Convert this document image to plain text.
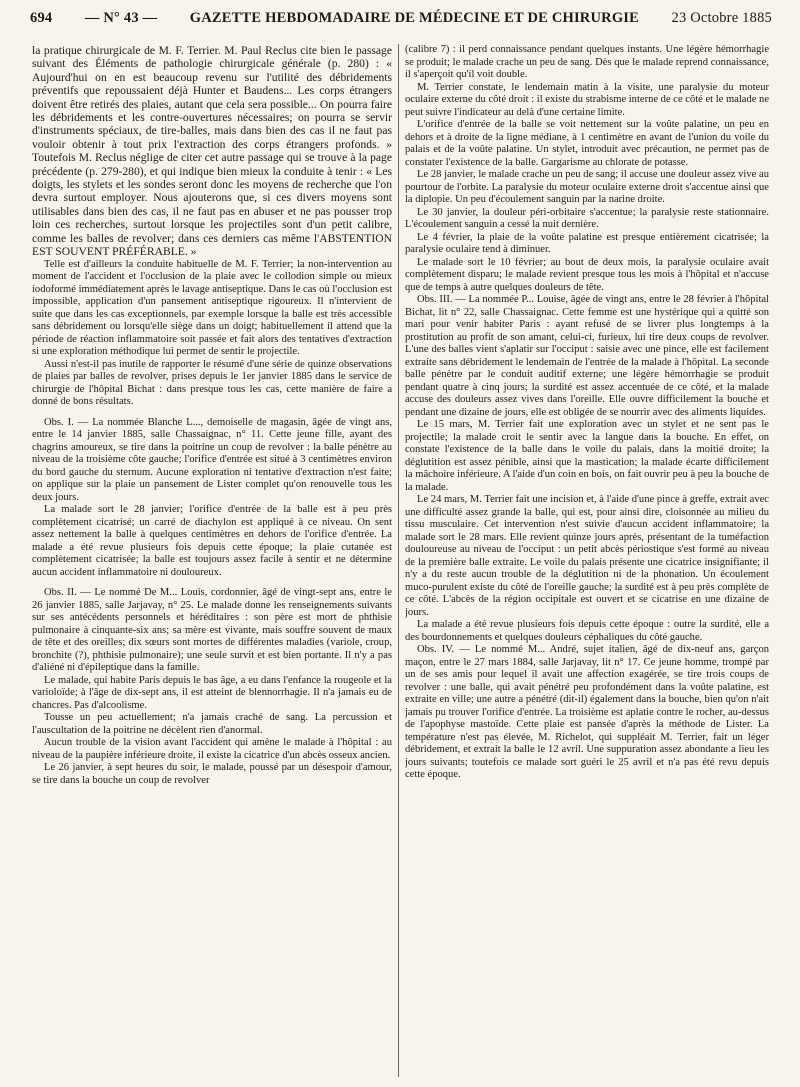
694 — N° 43 — GAZETTE HEBDOMADAIRE DE MÉDECINE ET DE CHIRURGIE 23 Octobre 1885

la pratique chirurgicale de M. F. Terrier. M. Paul Reclus cite bien le passage suivant des Éléments de pathologie chirurgicale générale (p. 280) : « Aujourd'hui on en est beaucoup revenu sur l'utilité des débridements préventifs que repoussaient déjà Hunter et Baudens... Les corps étrangers doivent être retirés des plaies, autant que cela sera possible... On pourra faire les débridements et les contre-ouvertures nécessaires; on pourra se servir d'instruments spéciaux, de tire-balles, mais dans bien des cas il ne faut pas vouloir obtenir à tout prix l'extraction des corps étrangers profonds. » Toutefois M. Reclus néglige de citer cet autre passage qui se trouve à la page précédente (p. 279-280), et qui indique bien mieux la conduite à tenir : « Les doigts, les stylets et les sondes seront donc les moyens de recherche que l'on devra surtout employer. Nous ajouterons que, si ces divers moyens sont utilisables dans bien des cas, il ne faut pas en abuser et ne pas pousser trop loin ces recherches, surtout lorsque les projectiles sont d'un petit calibre, comme les balles de revolver; dans ces derniers cas même l'ABSTENTION EST SOUVENT PRÉFÉRABLE. »

Telle est d'ailleurs la conduite habituelle de M. F. Terrier; la non-intervention au moment de l'accident et l'occlusion de la plaie avec le collodion simple ou mieux iodoformé immédiatement après le lavage antiseptique. Dans le cas où l'occlusion est impossible, application d'un pansement antiseptique rigoureux. Il n'intervient de suite que dans les cas exceptionnels, par exemple lorsque la balle est très accessible sans débridement ou lorsqu'elle siège dans un doigt; habituellement il attend que la période de réaction inflammatoire soit passée et fait alors des tentatives d'extraction si une exploration méthodique lui permet de sentir le projectile.

Aussi n'est-il pas inutile de rapporter le résumé d'une série de quinze observations de plaies par balles de revolver, prises depuis le 1er janvier 1885 dans le service de chirurgie de l'hôpital Bichat : dans presque tous les cas, cette manière de faire a donné de bons résultats.

Obs. I. — La nommée Blanche L..., demoiselle de magasin, âgée de vingt ans, entre le 14 janvier 1885, salle Chassaignac, n° 11. Cette jeune fille, ayant des chagrins amoureux, se tire dans la poitrine un coup de revolver : la balle pénètre au niveau de la troisième côte gauche; l'orifice d'entrée est situé à 3 centimètres environ du bord gauche du sternum. Aucune exploration ni tentative d'extraction n'est faite; on applique sur la plaie un pansement de Lister complet qu'on renouvelle tous les deux jours.

La malade sort le 28 janvier; l'orifice d'entrée de la balle est à peu près complètement cicatrisé; un carré de diachylon est appliqué à ce niveau. On sent assez nettement la balle à quelques centimètres en dehors de l'orifice d'entrée. La malade a été revue plusieurs fois depuis cette époque; la plaie cutanée est complètement cicatrisée; la balle est toujours assez facile à sentir et ne détermine aucun accident inflammatoire ni douloureux.

Obs. II. — Le nommé De M... Louis, cordonnier, âgé de vingt-sept ans, entre le 26 janvier 1885, salle Jarjavay, n° 25. Le malade donne les renseignements suivants sur ses antécédents personnels et héréditaires : son père est mort de phthisie pulmonaire à cinquante-six ans; sa mère est vivante, mais souffre souvent de maux de tête et des oreilles; dix sœurs sont mortes de différentes maladies (variole, croup, bronchite (?), phthisie pulmonaire); une seule survit et est bien portante. Il n'y a pas d'aliéné ni d'épileptique dans la famille.

Le malade, qui habite Paris depuis le bas âge, a eu dans l'enfance la rougeole et la varioloïde; à l'âge de dix-sept ans, il est atteint de blennorrhagie. Il n'a jamais eu de chancres. Pas d'alcoolisme.

Tousse un peu actuellement; n'a jamais craché de sang. La percussion et l'auscultation de la poitrine ne décèlent rien d'anormal.

Aucun trouble de la vision avant l'accident qui amène le malade à l'hôpital : au niveau de la paupière inférieure droite, il existe la cicatrice d'un abcès osseux ancien.

Le 26 janvier, à sept heures du soir, le malade, poussé par un désespoir d'amour, se tire dans la bouche un coup de revolver

(calibre 7) : il perd connaissance pendant quelques instants. Une légère hémorrhagie se produit; le malade crache un peu de sang. Dès que le malade reprend connaissance, il s'aperçoit qu'il voit double.

M. Terrier constate, le lendemain matin à la visite, une paralysie du moteur oculaire externe du côté droit : il existe du strabisme interne de ce côté et le malade ne peut suivre l'indicateur au delà d'une certaine limite.

L'orifice d'entrée de la balle se voit nettement sur la voûte palatine, un peu en dehors et à droite de la ligne médiane, à 1 centimètre en avant de l'union du voile du palais et de la voûte palatine. Un stylet, introduit avec précaution, ne permet pas de constater l'existence de la balle. Gargarisme au chlorate de potasse.

Le 28 janvier, le malade crache un peu de sang; il accuse une douleur assez vive au pourtour de l'orbite. La paralysie du moteur oculaire externe droit s'accentue ainsi que la diplopie. Un peu d'écoulement sanguin par la narine droite.

Le 30 janvier, la douleur péri-orbitaire s'accentue; la paralysie reste stationnaire. L'écoulement sanguin a cessé la nuit dernière.

Le 4 février, la plaie de la voûte palatine est presque entièrement cicatrisée; la paralysie oculaire tend à diminuer.

Le malade sort le 10 février; au bout de deux mois, la paralysie oculaire avait complètement disparu; le malade revient presque tous les mois à l'hôpital et n'accuse que de temps à autre quelques douleurs de tête.

Obs. III. — La nommée P... Louise, âgée de vingt ans, entre le 28 février à l'hôpital Bichat, lit n° 22, salle Chassaignac. Cette femme est une hystérique qui a quitté son mari pour venir habiter Paris : ayant refusé de se livrer plus longtemps à la prostitution au profit de son amant, celui-ci, furieux, lui tire deux coups de revolver. L'une des balles vient s'aplatir sur l'occiput : saisie avec une pince, elle est facilement extraite sans débridement le lendemain de l'entrée de la malade à l'hôpital. La seconde balle pénètre par le conduit auditif externe; une légère hémorrhagie se produit pendant quatre à cinq jours; la surdité est assez accentuée de ce côté, et la malade accuse des douleurs assez vives dans l'oreille. Elle ouvre difficilement la bouche et pendant une dizaine de jours, elle est obligée de se nourrir avec des aliments liquides.

Le 15 mars, M. Terrier fait une exploration avec un stylet et ne sent pas le projectile; la malade croit le sentir avec la langue dans la bouche. En effet, on constate l'existence de la balle dans le voile du palais, dans la moitié droite; la déglutition est assez pénible, ainsi que la mastication; la malade écarte difficilement la mâchoire inférieure. A l'aide d'un coin en bois, on fait ouvrir peu à peu la bouche de la malade.

Le 24 mars, M. Terrier fait une incision et, à l'aide d'une pince à greffe, extrait avec une difficulté assez grande la balle, qui est, pour ainsi dire, cloisonnée au milieu du tissu musculaire. Cet intervention n'est suivie d'aucun accident inflammatoire; la malade sort le 28 mars. Elle revient quinze jours après, présentant de la tuméfaction douloureuse au niveau de l'occiput : un petit abcès périostique s'est formé au niveau de la première balle extraite. Le voile du palais présente une cicatrice insignifiante; il n'y a du reste aucun trouble de la déglutition ni de la phonation. Un écoulement muco-purulent existe du côté de l'oreille gauche; la surdité est à peu près complète de ce côté. L'abcès de la région occipitale est ouvert et se cicatrise en une dizaine de jours.

La malade a été revue plusieurs fois depuis cette époque : outre la surdité, elle a des bourdonnements et quelques douleurs céphaliques du côté gauche.

Obs. IV. — Le nommé M... André, sujet italien, âgé de dix-neuf ans, garçon maçon, entre le 27 mars 1884, salle Jarjavay, lit n° 17. Ce jeune homme, trompé par un de ses amis pour lequel il avait une affection exagérée, se tire trois coups de revolver : une balle, qui avait pénétré peu profondément dans la voûte palatine, est extraite en ville; une autre a pénétré (dit-il) également dans la bouche, bien qu'on n'ait jamais pu trouver l'orifice d'entrée. La troisième est aplatie contre le rocher, au-dessus de l'apophyse mastoïde. Cette plaie est pansée d'après la méthode de Lister. La température n'est pas élevée, M. Richelot, qui suppléait M. Terrier, fait un léger débridement, et extrait la balle le 12 avril. Une suppuration assez abondante a lieu les jours suivants; toutefois ce malade sort guéri le 25 avril et n'a pas été revu depuis cette époque.
